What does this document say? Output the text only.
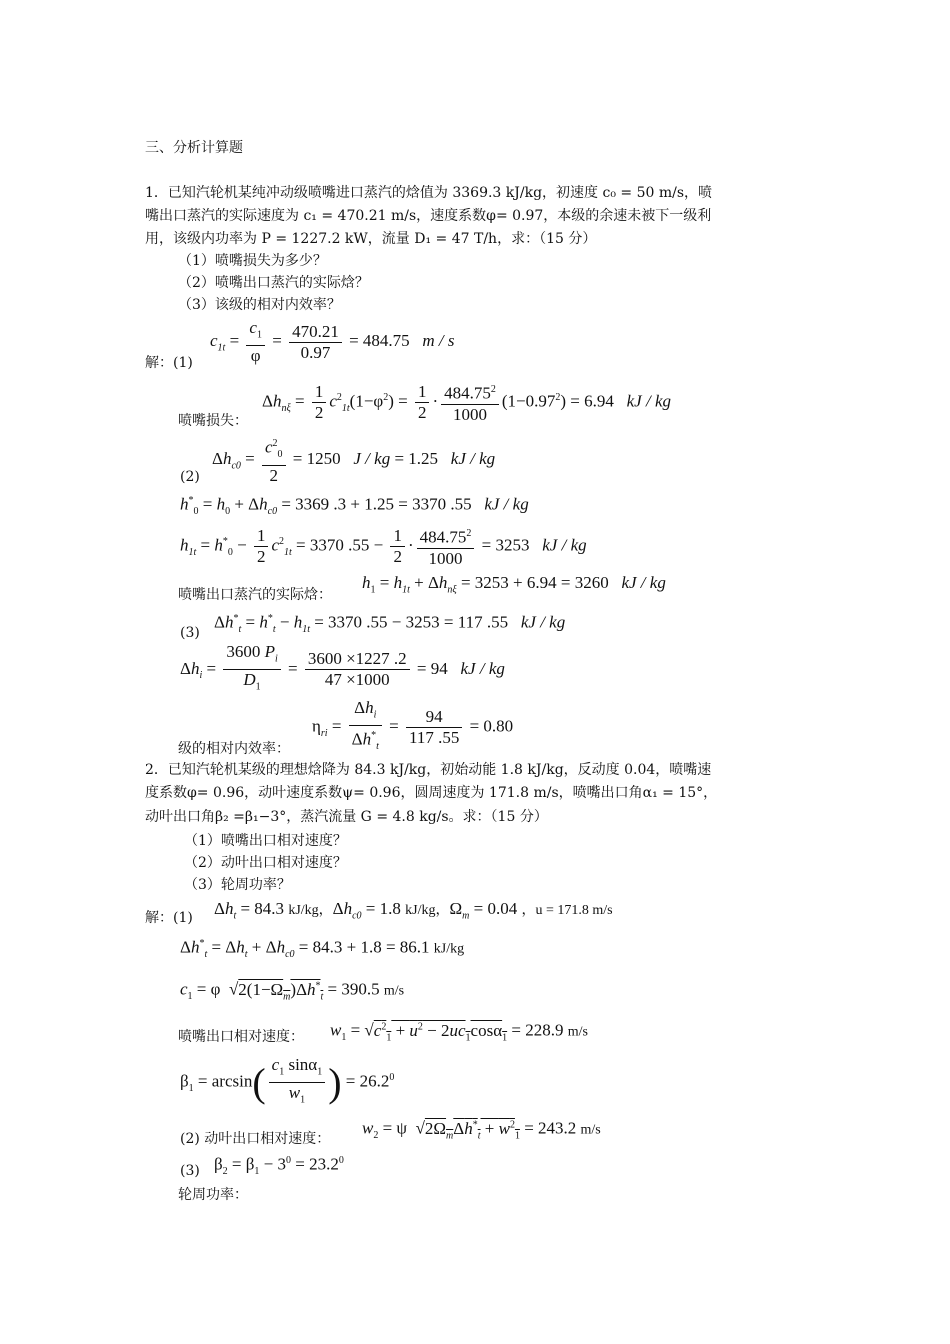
三、分析计算题
1．已知汽轮机某纯冲动级喷嘴进口蒸汽的焓值为 3369.3 kJ/kg，初速度 c₀ = 50 m/s，喷
嘴出口蒸汽的实际速度为 c₁ = 470.21 m/s，速度系数φ= 0.97，本级的余速未被下一级利
用，该级内功率为 P = 1227.2 kW，流量 D₁ = 47 T/h，求：（15 分）
（1）喷嘴损失为多少？
（2）喷嘴出口蒸汽的实际焓？
（3）该级的相对内效率？
$c_{1t} = \frac{c_1}{\varphi} = \frac{470.21}{0.97} = 484.75$   m / s
解：(1)
$\Delta h_{n\xi} = \frac{1}{2} c^2_{1t}(1-\varphi^2) = \frac{1}{2} \cdot \frac{484.75^2}{1000} (1-0.97^2) = 6.94$   kJ / kg
喷嘴损失：
$\Delta h_{c0} = \frac{c^2_0}{2} = 1250$   J / kg = 1.25   kJ / kg
(2)
$h^*_0 = h_0 + \Delta h_{c0} = 3369$ .3 + 1.25 = 3370 .55   kJ / kg
$h_{1t} = h^*_0 - \frac{1}{2} c^2_{1t} = 3370$ $.55 - \frac{1}{2} \cdot \frac{484.75^2}{1000} = 3253$   kJ / kg
喷嘴出口蒸汽的实际焓：
$h_1 = h_{1t} + \Delta h_{n\xi} = 3253 + 6.94 = 3260$   kJ / kg
(3)
$\Delta h^*_t = h^*_t - h_{1t} = 3370$ .55 − 3253 = 117 .55   kJ / kg
$\Delta h_i = \frac{3600 P_i}{D_1} = \frac{3600 \times 1227 .2}{47 \times 1000} = 94$   kJ / kg
$\eta_{ri} = \frac{\Delta h_i}{\Delta h^*_t} = \frac{94}{117 .55} = 0.80$
级的相对内效率：
2．已知汽轮机某级的理想焓降为 84.3 kJ/kg，初始动能 1.8 kJ/kg，反动度 0.04，喷嘴速
度系数φ= 0.96，动叶速度系数ψ= 0.96，圆周速度为 171.8 m/s，喷嘴出口角α₁ = 15°，
动叶出口角β₂ =β₁−3°，蒸汽流量 G = 4.8 kg/s。求：（15 分）
（1）喷嘴出口相对速度？
（2）动叶出口相对速度？
（3）轮周功率？
解：(1) $\Delta h_t = 84.3$ kJ/kg，$\Delta h_{c0} = 1.8$ kJ/kg，$\Omega_m = 0.04$ ，u = 171.8 m/s
$\Delta h^*_t = \Delta h_t + \Delta h_{c0} = 84.3 + 1.8 = 86.1$ kJ/kg
$c_1 = \varphi$  $√2(1-\Omega_m)\Delta h^*_t = 390.5$ m/s
喷嘴出口相对速度： $w_1 = √c^2_1 + u^2 - 2uc_1\cos\alpha_1 = 228.9$ m/s
$\beta_1 = \arcsin( \frac{c_1 \sin\alpha_1}{w_1}$ ) = $26.2^0$
(2) 动叶出口相对速度：
$w_2 = \psi$  $√2\Omega_m\Delta h^*_t + w^2_1 = 243.2$ m/s
(3) $\beta_2 = \beta_1 - 3^0 = 23.2^0$
轮周功率：
